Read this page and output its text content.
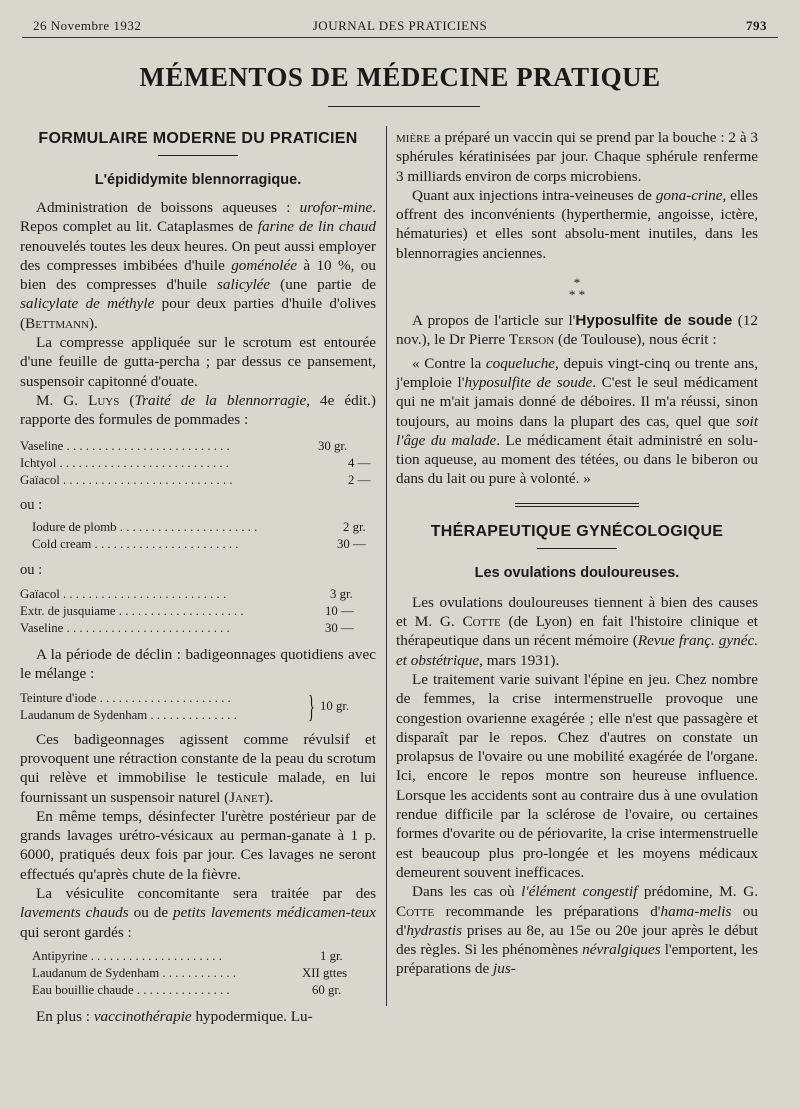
26 Novembre 1932	JOURNAL DES PRATICIENS	793
MÉMENTOS DE MÉDECINE PRATIQUE
FORMULAIRE MODERNE DU PRATICIEN
L'épididymite blennorragique.

Administration de boissons aqueuses : urofor-mine. Repos complet au lit. Cataplasmes de farine de lin chaud renouvelés toutes les deux heures. On peut aussi employer des compresses imbibées d'huile goménolée à 10 %, ou bien des compresses d'huile salicylée (une partie de salicylate de méthyle pour deux parties d'huile d'olives (Bettmann).

La compresse appliquée sur le scrotum est entourée d'une feuille de gutta-percha ; par dessus ce pansement, suspensoir capitonné d'ouate.

M. G. Luys (Traité de la blennorragie, 4e édit.) rapporte des formules de pommades :

Vaseline . . . . . . . . . . . . . . . . . . . . . . . . . .	30 gr.
Ichtyol . . . . . . . . . . . . . . . . . . . . . . . . . . .	4 —
Gaïacol . . . . . . . . . . . . . . . . . . . . . . . . . . .	2 —

ou :

Iodure de plomb . . . . . . . . . . . . . . . . . . . . . .	2 gr.
Cold cream . . . . . . . . . . . . . . . . . . . . . . .	30 —

ou :

Gaïacol . . . . . . . . . . . . . . . . . . . . . . . . . .	3 gr.
Extr. de jusquiame . . . . . . . . . . . . . . . . . . . .	10 —
Vaseline . . . . . . . . . . . . . . . . . . . . . . . . . .	30 —

A la période de déclin : badigeonnages quotidiens avec le mélange :

Teinture d'iode . . . . . . . . . . . . . . . . . . . . .
Laudanum de Sydenham . . . . . . . . . . . . . .	} 10 gr.

Ces badigeonnages agissent comme révulsif et provoquent une rétraction constante de la peau du scrotum qui relève et immobilise le testicule malade, en lui fournissant un suspensoir naturel (Janet).

En même temps, désinfecter l'urètre postérieur par de grands lavages urétro-vésicaux au perman-ganate à 1 p. 6000, pratiqués deux fois par jour. Ces lavages ne seront effectués qu'après chute de la fièvre.

La vésiculite concomitante sera traitée par des lavements chauds ou de petits lavements médicamen-teux qui seront gardés :

Antipyrine . . . . . . . . . . . . . . . . . . . . .	1 gr.
Laudanum de Sydenham . . . . . . . . . . . .	XII gttes
Eau bouillie chaude . . . . . . . . . . . . . . .	60 gr.

En plus : vaccinothérapie hypodermique. Lu-

mière a préparé un vaccin qui se prend par la bouche : 2 à 3 sphérules kératinisées par jour. Chaque sphérule renferme 3 milliards environ de corps microbiens.

Quant aux injections intra-veineuses de gona-crine, elles offrent des inconvénients (hyperthermie, angoisse, ictère, hématuries) et elles sont absolu-ment inutiles, dans les blennorragies anciennes.

*
* *

A propos de l'article sur l'Hyposulfite de soude (12 nov.), le Dr Pierre Terson (de Toulouse), nous écrit :

« Contre la coqueluche, depuis vingt-cinq ou trente ans, j'emploie l'hyposulfite de soude. C'est le seul médicament qui ne m'ait jamais donné de déboires. Il m'a réussi, sinon toujours, au moins dans la plupart des cas, quel que soit l'âge du malade. Le médicament était administré en solu-tion aqueuse, au moment des tétées, ou dans le biberon ou dans du lait ou pure à volonté. »

THÉRAPEUTIQUE GYNÉCOLOGIQUE
Les ovulations douloureuses.

Les ovulations douloureuses tiennent à bien des causes et M. G. Cotte (de Lyon) en fait l'histoire clinique et thérapeutique dans un récent mémoire (Revue franç. gynéc. et obstétrique, mars 1931).

Le traitement varie suivant l'épine en jeu. Chez nombre de femmes, la crise intermenstruelle provoque une congestion ovarienne exagérée ; elle n'est que passagère et disparaît par le repos. Chez d'autres on constate un prolapsus de l'ovaire ou une mobilité exagérée de l'organe. Ici, encore le repos montre son heureuse influence. Lorsque les accidents sont au contraire dus à une ovulation rendue difficile par la sclérose de l'ovaire, ou certaines formes d'ovarite ou de périovarite, la crise intermenstruelle est beaucoup plus pro-longée et les moyens médicaux demeurent souvent inefficaces.

Dans les cas où l'élément congestif prédomine, M. G. Cotte recommande les préparations d'hama-melis ou d'hydrastis prises au 8e, au 15e ou 20e jour après le début des règles. Si les phénomènes névralgiques l'emportent, les préparations de jus-
